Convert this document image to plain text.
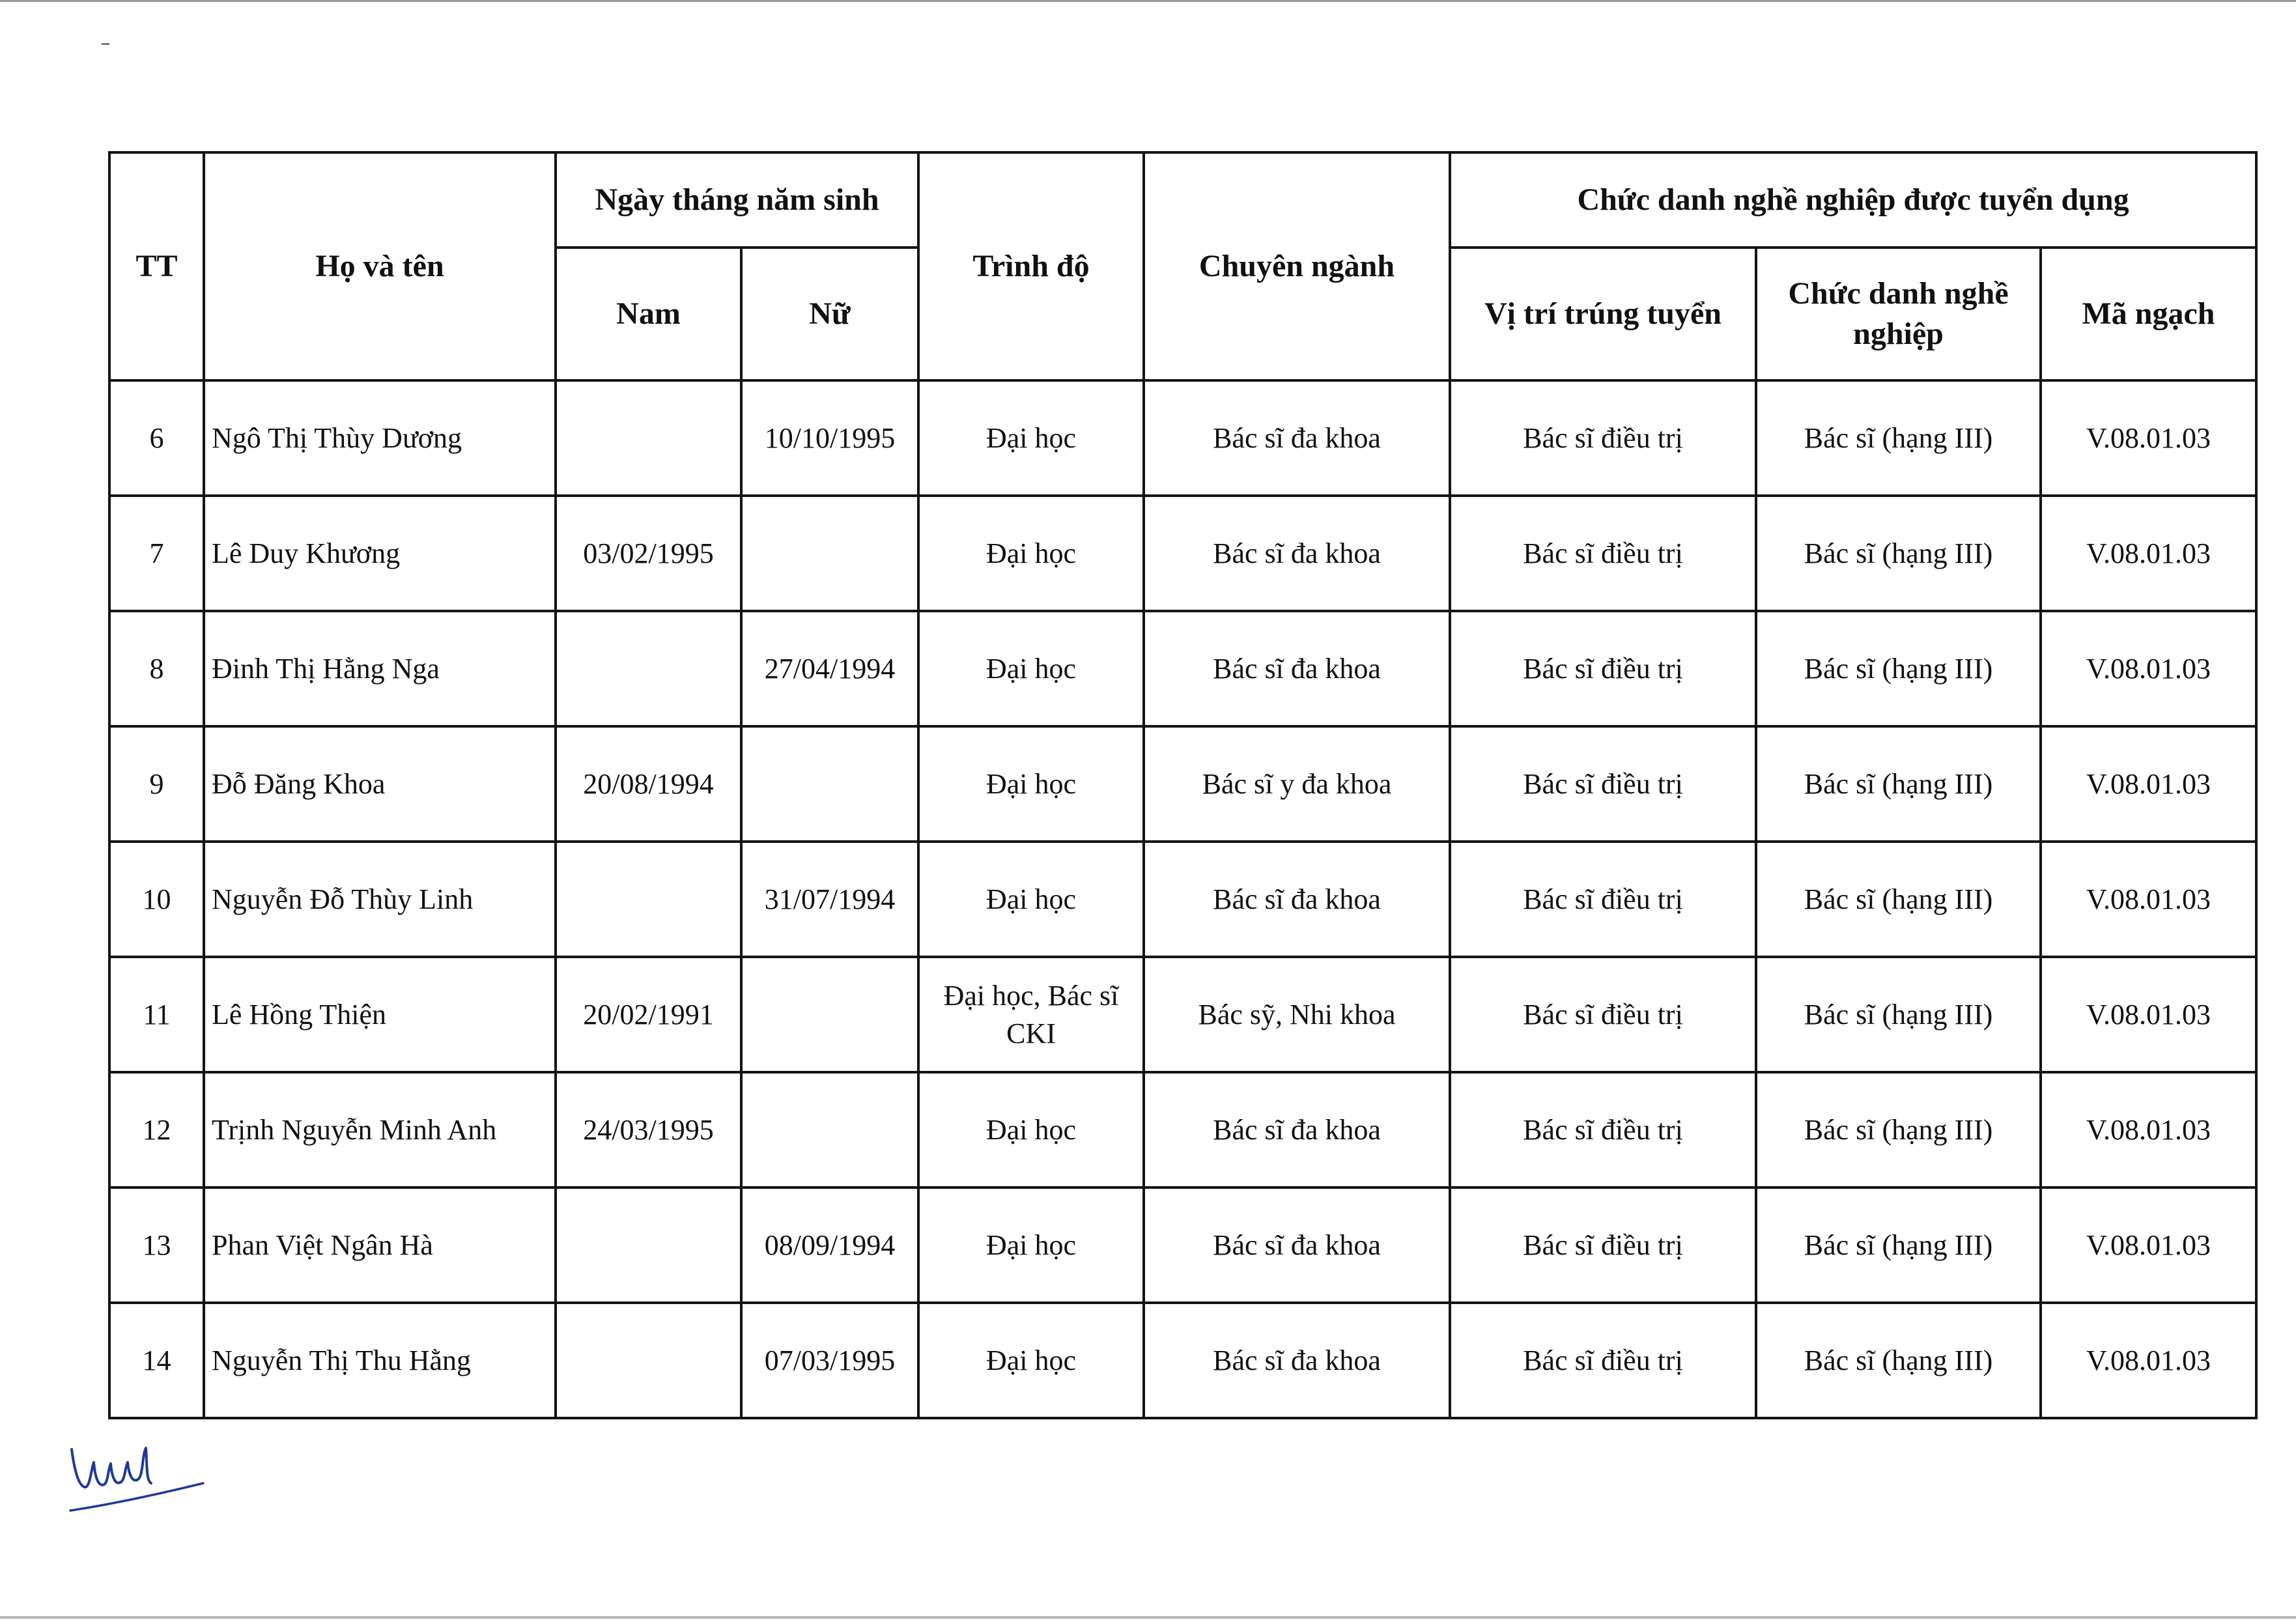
TT	Họ và tên	Ngày tháng năm sinh		Trình độ	Chuyên ngành	Chức danh nghề nghiệp được tuyển dụng		
		Nam	Nữ			Vị trí trúng tuyển	Chức danh nghề nghiệp	Mã ngạch
6	Ngô Thị Thùy Dương		10/10/1995	Đại học	Bác sĩ đa khoa	Bác sĩ điều trị	Bác sĩ (hạng III)	V.08.01.03
7	Lê Duy Khương	03/02/1995		Đại học	Bác sĩ đa khoa	Bác sĩ điều trị	Bác sĩ (hạng III)	V.08.01.03
8	Đinh Thị Hằng Nga		27/04/1994	Đại học	Bác sĩ đa khoa	Bác sĩ điều trị	Bác sĩ (hạng III)	V.08.01.03
9	Đỗ Đăng Khoa	20/08/1994		Đại học	Bác sĩ y đa khoa	Bác sĩ điều trị	Bác sĩ (hạng III)	V.08.01.03
10	Nguyễn Đỗ Thùy Linh		31/07/1994	Đại học	Bác sĩ đa khoa	Bác sĩ điều trị	Bác sĩ (hạng III)	V.08.01.03
11	Lê Hồng Thiện	20/02/1991		Đại học, Bác sĩ CKI	Bác sỹ, Nhi khoa	Bác sĩ điều trị	Bác sĩ (hạng III)	V.08.01.03
12	Trịnh Nguyễn Minh Anh	24/03/1995		Đại học	Bác sĩ đa khoa	Bác sĩ điều trị	Bác sĩ (hạng III)	V.08.01.03
13	Phan Việt Ngân Hà		08/09/1994	Đại học	Bác sĩ đa khoa	Bác sĩ điều trị	Bác sĩ (hạng III)	V.08.01.03
14	Nguyễn Thị Thu Hằng		07/03/1995	Đại học	Bác sĩ đa khoa	Bác sĩ điều trị	Bác sĩ (hạng III)	V.08.01.03
